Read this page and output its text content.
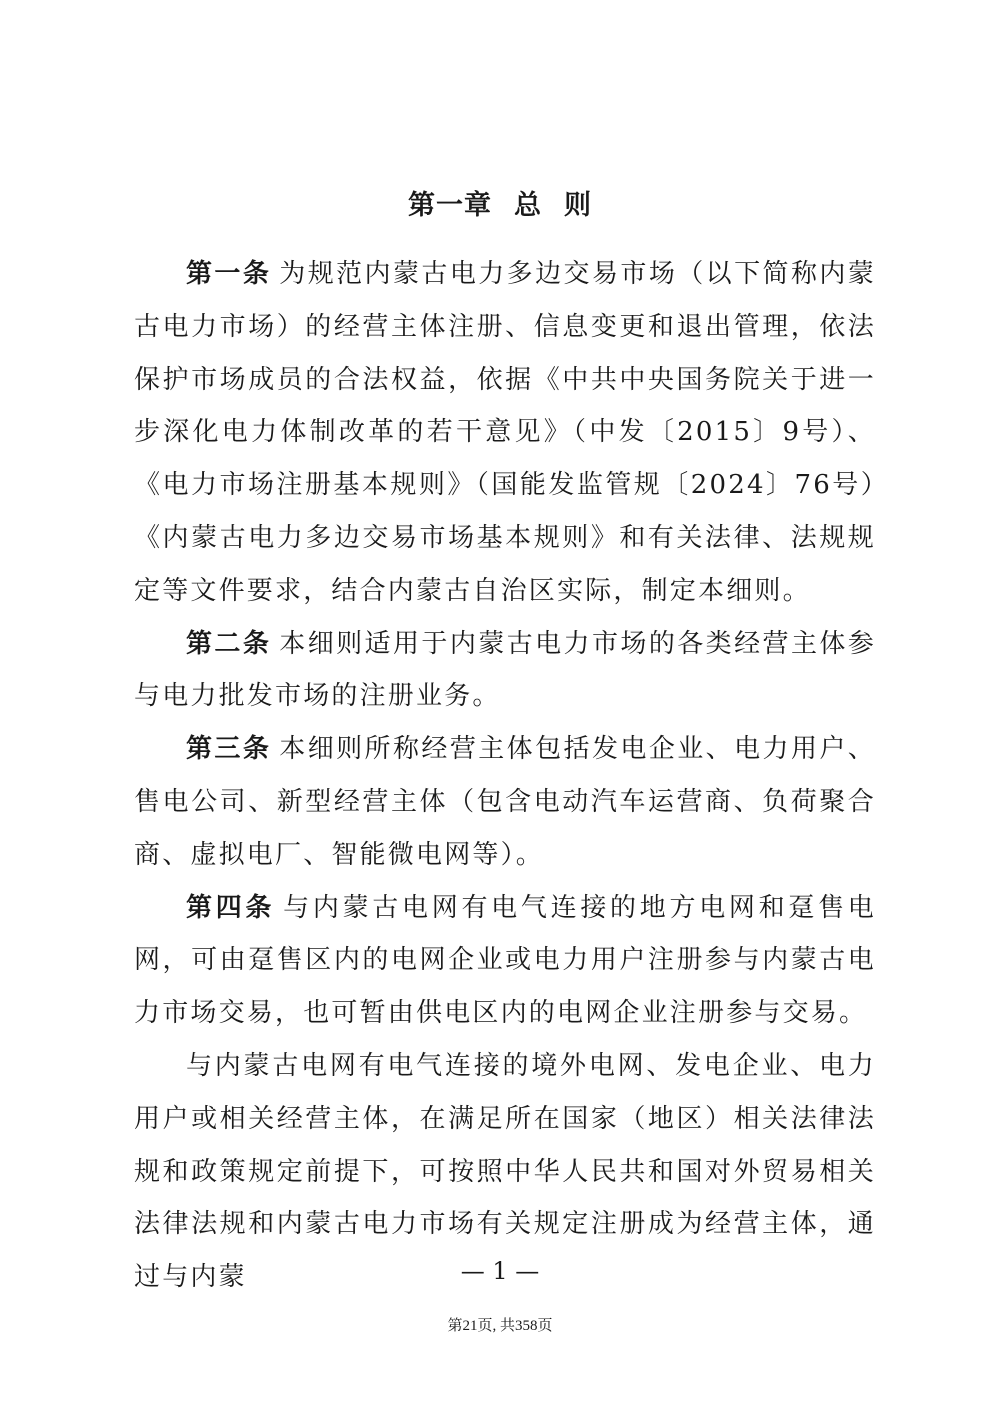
第一章 总 则

第一条 为规范内蒙古电力多边交易市场（以下简称内蒙古电力市场）的经营主体注册、信息变更和退出管理，依法保护市场成员的合法权益，依据《中共中央国务院关于进一步深化电力体制改革的若干意见》（中发〔2015〕9号）、《电力市场注册基本规则》（国能发监管规〔2024〕76号）《内蒙古电力多边交易市场基本规则》和有关法律、法规规定等文件要求，结合内蒙古自治区实际，制定本细则。

第二条 本细则适用于内蒙古电力市场的各类经营主体参与电力批发市场的注册业务。

第三条 本细则所称经营主体包括发电企业、电力用户、售电公司、新型经营主体（包含电动汽车运营商、负荷聚合商、虚拟电厂、智能微电网等）。

第四条 与内蒙古电网有电气连接的地方电网和趸售电网，可由趸售区内的电网企业或电力用户注册参与内蒙古电力市场交易，也可暂由供电区内的电网企业注册参与交易。

与内蒙古电网有电气连接的境外电网、发电企业、电力用户或相关经营主体，在满足所在国家（地区）相关法律法规和政策规定前提下，可按照中华人民共和国对外贸易相关法律法规和内蒙古电力市场有关规定注册成为经营主体，通过与内蒙	— 1 —
第21页, 共358页
